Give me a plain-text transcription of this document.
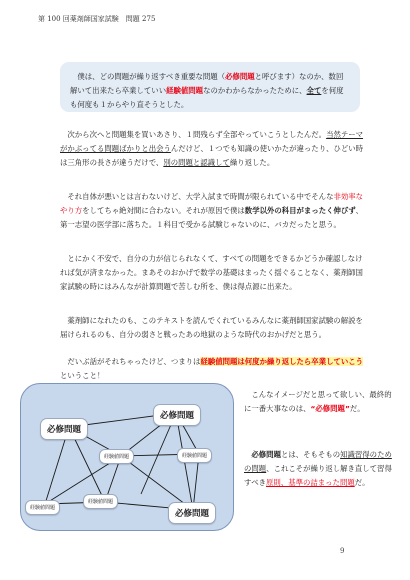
第 100 回薬剤師国家試験　問題 275

僕は、どの問題が繰り返すべき重要な問題（必修問題と呼びます）なのか、数回解いて出来たら卒業していい経験値問題なのかわからなかったために、全てを何度も何度も１からやり直そうとした。

次から次へと問題集を買いあさり、１問残らず全部やっていこうとしたんだ。当然テーマがかぶってる問題ばかりと出会うんだけど、１つでも知識の使いかたが違ったり、ひどい時は三角形の長さが違うだけで、別の問題と認識して繰り返した。

それ自体が悪いとは言わないけど、大学入試まで時間が限られている中でそんな非効率なやり方をしてちゃ絶対間に合わない。それが原因で僕は数学以外の科目がまったく伸びず、第一志望の医学部に落ちた。１科目で受かる試験じゃないのに、バカだったと思う。

とにかく不安で、自分の力が信じられなくて、すべての問題をできるかどうか確認しなければ気が済まなかった。まあそのおかげで数学の基礎はまったく揺ぐることなく、薬剤師国家試験の時にはみんなが計算問題で苦しむ所を、僕は得点源に出来た。

薬剤師になれたのも、このテキストを読んでくれているみんなに薬剤師国家試験の解説を届けられるのも、自分の弱さと戦ったあの地獄のような時代のおかげだと思う。

だいぶ話がそれちゃったけど、つまりは経験値問題は何度か繰り返したら卒業していこうということ！

必修問題
必修問題
経験値問題	経験値問題
経験値問題
経験値問題
必修問題

こんなイメージだと思って欲しい、最終的に一番大事なのは、“必修問題”だ。

必修問題とは、そもそもの知識習得のための問題、これこそが繰り返し解き直して習得すべき原則、基準の詰まった問題だ。

9
